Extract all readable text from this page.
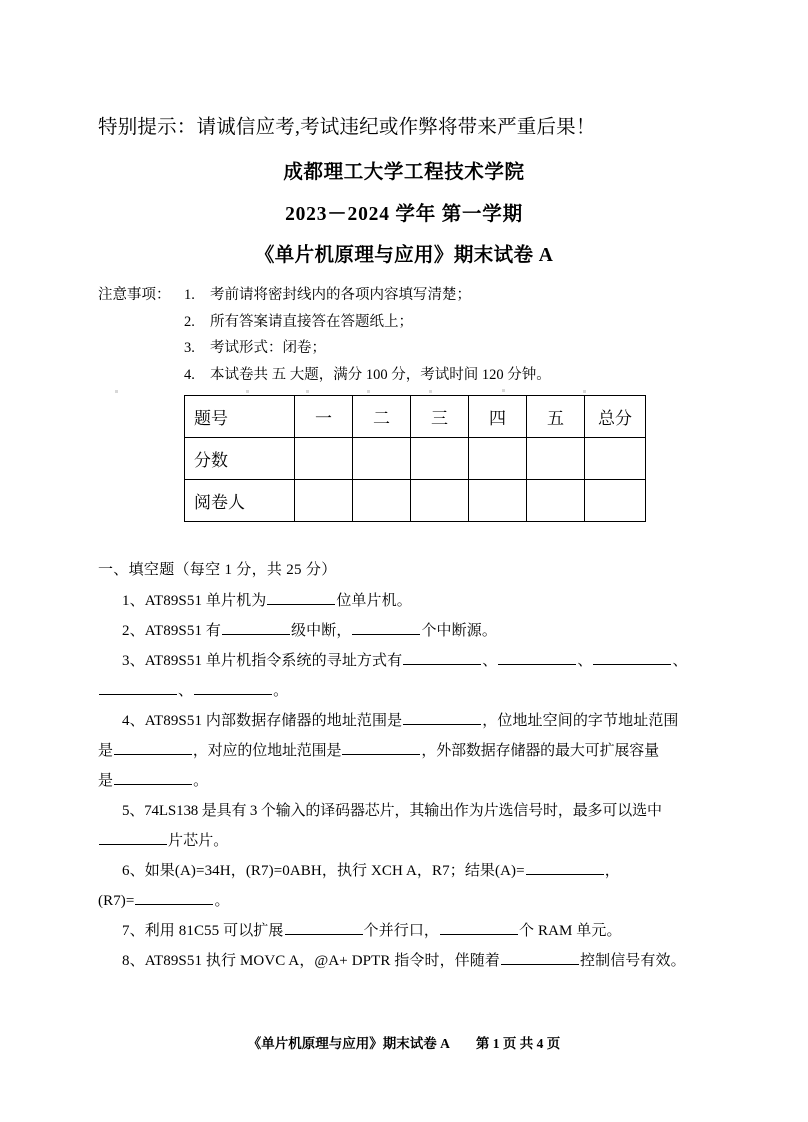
特别提示：请诚信应考,考试违纪或作弊将带来严重后果！
成都理工大学工程技术学院
2023－2024 学年 第一学期
《单片机原理与应用》期末试卷 A
注意事项： 1.	考前请将密封线内的各项内容填写清楚；
2.	所有答案请直接答在答题纸上；
3.	考试形式：闭卷；
4.	本试卷共 五 大题，满分 100 分，考试时间 120 分钟。
题号	一	二	三	四	五	总分
分数						
阅卷人						
一、填空题（每空 1 分，共 25 分）
1、AT89S51 单片机为	位单片机。
2、AT89S51 有	级中断，	个中断源。
3、AT89S51 单片机指令系统的寻址方式有	、	、	、
、	。
4、AT89S51 内部数据存储器的地址范围是	，位地址空间的字节地址范围
是	，对应的位地址范围是	，外部数据存储器的最大可扩展容量
是	。
5、74LS138 是具有 3 个输入的译码器芯片，其输出作为片选信号时，最多可以选中
片芯片。
6、如果(A)=34H，(R7)=0ABH，执行 XCH A，R7；结果(A)=	，
(R7)=	。
7、利用 81C55 可以扩展	个并行口，	个 RAM 单元。
8、AT89S51 执行 MOVC A，@A+ DPTR 指令时，伴随着	控制信号有效。
《单片机原理与应用》期末试卷 A 第 1 页 共 4 页
